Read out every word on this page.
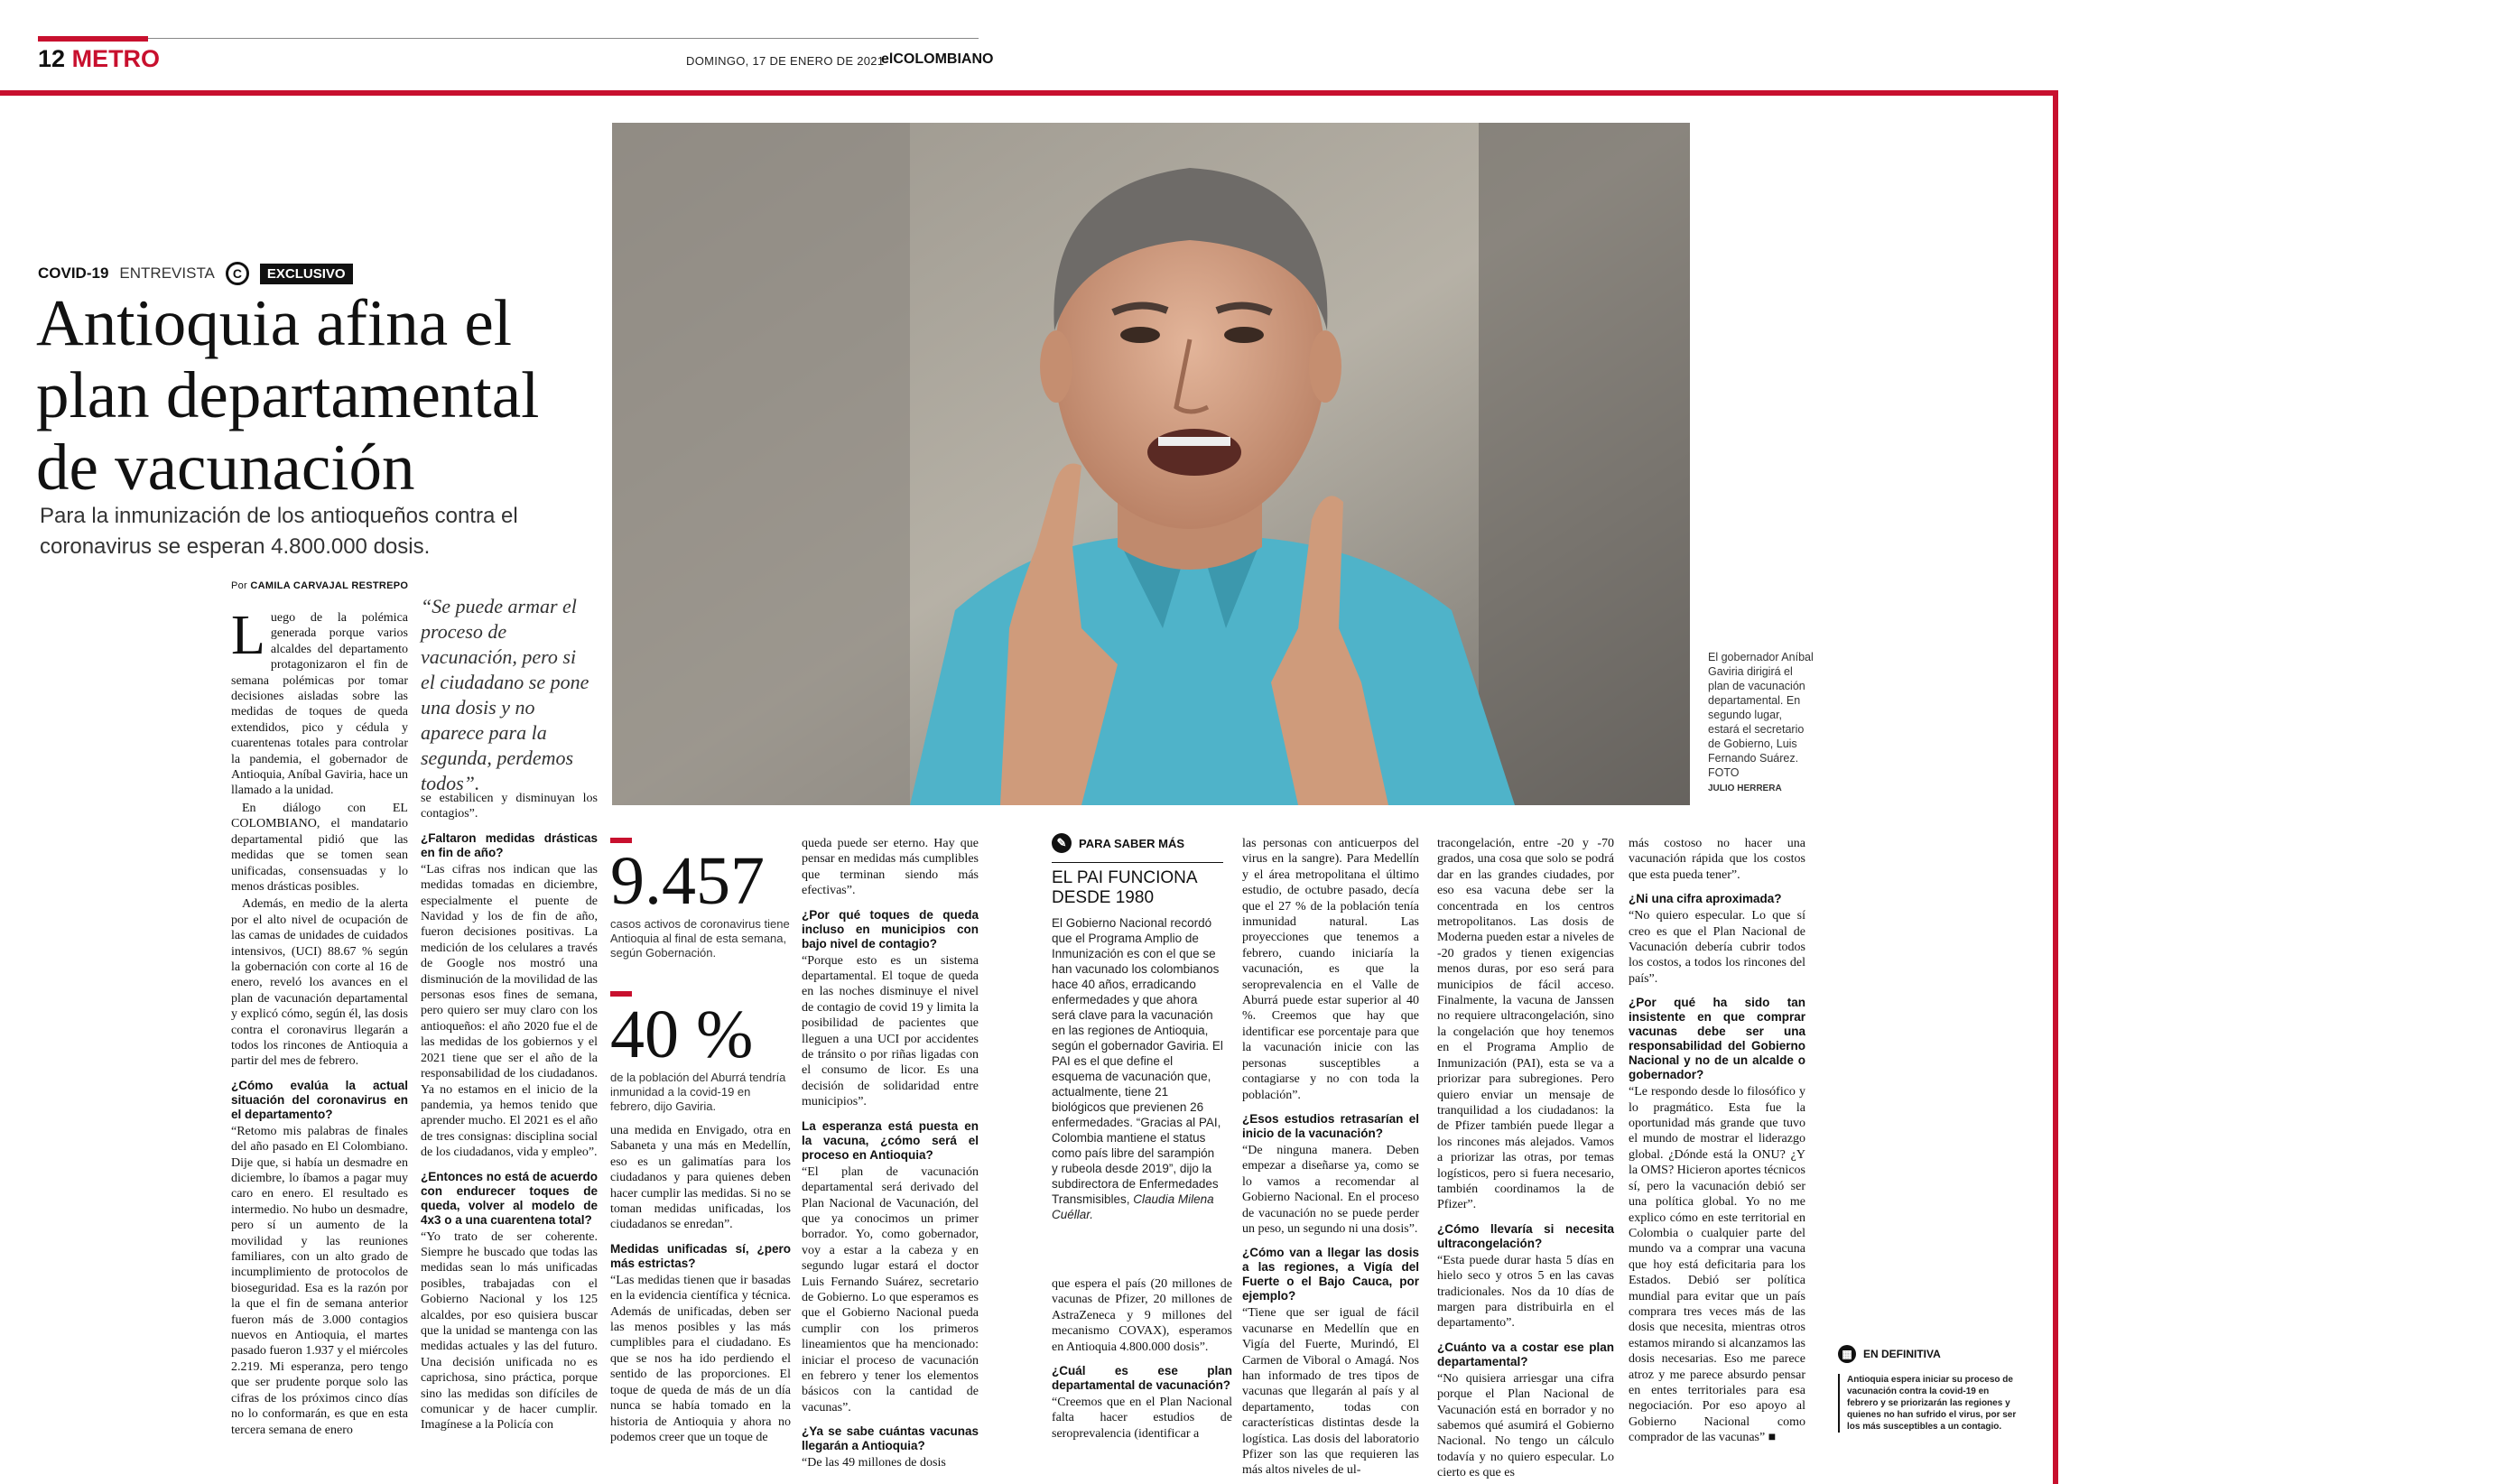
12 METRO	DOMINGO, 17 DE ENERO DE 2021
elCOLOMBIANO
COVID-19 ENTREVISTA	C	EXCLUSIVO
Antioquia afina el plan departamental de vacunación
Para la inmunización de los antioqueños contra el coronavirus se esperan 4.800.000 dosis.
El gobernador Aníbal Gaviria dirigirá el plan de vacunación departamental. En segundo lugar, estará el secretario de Gobierno, Luis Fernando Suárez. FOTO
JULIO HERRERA
Por CAMILA CARVAJAL RESTREPO

Luego de la polémica generada porque varios alcaldes del departamento protagonizaron el fin de semana polémicas por tomar decisiones aisladas sobre las medidas de toques de queda extendidos, pico y cédula y cuarentenas totales para controlar la pandemia, el gobernador de Antioquia, Aníbal Gaviria, hace un llamado a la unidad.

En diálogo con EL COLOMBIANO, el mandatario departamental pidió que las medidas que se tomen sean unificadas, consensuadas y lo menos drásticas posibles.

Además, en medio de la alerta por el alto nivel de ocupación de las camas de unidades de cuidados intensivos, (UCI) 88.67 % según la gobernación con corte al 16 de enero, reveló los avances en el plan de vacunación departamental y explicó cómo, según él, las dosis contra el coronavirus llegarán a todos los rincones de Antioquia a partir del mes de febrero.

¿Cómo evalúa la actual situación del coronavirus en el departamento?

“Retomo mis palabras de finales del año pasado en El Colombiano. Dije que, si había un desmadre en diciembre, lo íbamos a pagar muy caro en enero. El resultado es intermedio. No hubo un desmadre, pero sí un aumento de la movilidad y las reuniones familiares, con un alto grado de incumplimiento de protocolos de bioseguridad. Esa es la razón por la que el fin de semana anterior fueron más de 3.000 contagios nuevos en Antioquia, el martes pasado fueron 1.937 y el miércoles 2.219. Mi esperanza, pero tengo que ser prudente porque solo las cifras de los próximos cinco días no lo conformarán, es que en esta tercera semana de enero

“Se puede armar el proceso de vacunación, pero si el ciudadano se pone una dosis y no aparece para la segunda, perdemos todos”.

se estabilicen y disminuyan los contagios”.

¿Faltaron medidas drásticas en fin de año?

“Las cifras nos indican que las medidas tomadas en diciembre, especialmente el puente de Navidad y los de fin de año, fueron decisiones positivas. La medición de los celulares a través de Google nos mostró una disminución de la movilidad de las personas esos fines de semana, pero quiero ser muy claro con los antioqueños: el año 2020 fue el de las medidas de los gobiernos y el 2021 tiene que ser el año de la responsabilidad de los ciudadanos. Ya no estamos en el inicio de la pandemia, ya hemos tenido que aprender mucho. El 2021 es el año de tres consignas: disciplina social de los ciudadanos, vida y empleo”.

¿Entonces no está de acuerdo con endurecer toques de queda, volver al modelo de 4x3 o a una cuarentena total?

“Yo trato de ser coherente. Siempre he buscado que todas las medidas sean lo más unificadas posibles, trabajadas con el Gobierno Nacional y los 125 alcaldes, por eso quisiera buscar que la unidad se mantenga con las medidas actuales y las del futuro. Una decisión unificada no es caprichosa, sino práctica, porque sino las medidas son difíciles de comunicar y de hacer cumplir. Imagínese a la Policía con

9.457
casos activos de coronavirus tiene Antioquia al final de esta semana, según Gobernación.
40 %
de la población del Aburrá tendría inmunidad a la covid-19 en febrero, dijo Gaviria.

una medida en Envigado, otra en Sabaneta y una más en Medellín, eso es un galimatías para los ciudadanos y para quienes deben hacer cumplir las medidas. Si no se toman medidas unificadas, los ciudadanos se enredan”.

Medidas unificadas sí, ¿pero más estrictas?

“Las medidas tienen que ir basadas en la evidencia científica y técnica. Además de unificadas, deben ser las menos posibles y las más cumplibles para el ciudadano. Es que se nos ha ido perdiendo el sentido de las proporciones. El toque de queda de más de un día nunca se había tomado en la historia de Antioquia y ahora no podemos creer que un toque de

queda puede ser eterno. Hay que pensar en medidas más cumplibles que terminan siendo más efectivas”.

¿Por qué toques de queda incluso en municipios con bajo nivel de contagio?

“Porque esto es un sistema departamental. El toque de queda en las noches disminuye el nivel de contagio de covid 19 y limita la posibilidad de pacientes que lleguen a una UCI por accidentes de tránsito o por riñas ligadas con el consumo de licor. Es una decisión de solidaridad entre municipios”.

La esperanza está puesta en la vacuna, ¿cómo será el proceso en Antioquia?

“El plan de vacunación departamental será derivado del Plan Nacional de Vacunación, del que ya conocimos un primer borrador. Yo, como gobernador, voy a estar a la cabeza y en segundo lugar estará el doctor Luis Fernando Suárez, secretario de Gobierno. Lo que esperamos es que el Gobierno Nacional pueda cumplir con los primeros lineamientos que ha mencionado: iniciar el proceso de vacunación en febrero y tener los elementos básicos con la cantidad de vacunas”.

¿Ya se sabe cuántas vacunas llegarán a Antioquia?

“De las 49 millones de dosis

que espera el país (20 millones de vacunas de Pfizer, 20 millones de AstraZeneca y 9 millones del mecanismo COVAX), esperamos en Antioquia 4.800.000 dosis”.

¿Cuál es ese plan departamental de vacunación?

“Creemos que en el Plan Nacional falta hacer estudios de seroprevalencia (identificar a

✎	PARA SABER MÁS
EL PAI FUNCIONA DESDE 1980
El Gobierno Nacional recordó que el Programa Amplio de Inmunización es con el que se han vacunado los colombianos hace 40 años, erradicando enfermedades y que ahora será clave para la vacunación en las regiones de Antioquia, según el gobernador Gaviria. El PAI es el que define el esquema de vacunación que, actualmente, tiene 21 biológicos que previenen 26 enfermedades. “Gracias al PAI, Colombia mantiene el status como país libre del sarampión y rubeola desde 2019”, dijo la subdirectora de Enfermedades Transmisibles, Claudia Milena Cuéllar.

las personas con anticuerpos del virus en la sangre). Para Medellín y el área metropolitana el último estudio, de octubre pasado, decía que el 27 % de la población tenía inmunidad natural. Las proyecciones que tenemos a febrero, cuando iniciaría la vacunación, es que la seroprevalencia en el Valle de Aburrá puede estar superior al 40 %. Creemos que hay que identificar ese porcentaje para que la vacunación inicie con las personas susceptibles a contagiarse y no con toda la población”.

¿Esos estudios retrasarían el inicio de la vacunación?

“De ninguna manera. Deben empezar a diseñarse ya, como se lo vamos a recomendar al Gobierno Nacional. En el proceso de vacunación no se puede perder un peso, un segundo ni una dosis”.

¿Cómo van a llegar las dosis a las regiones, a Vigía del Fuerte o el Bajo Cauca, por ejemplo?

“Tiene que ser igual de fácil vacunarse en Medellín que en Vigía del Fuerte, Murindó, El Carmen de Viboral o Amagá. Nos han informado de tres tipos de vacunas que llegarán al país y al departamento, todas con características distintas desde la logística. Las dosis del laboratorio Pfizer son las que requieren las más altos niveles de ul-

tracongelación, entre -20 y -70 grados, una cosa que solo se podrá dar en las grandes ciudades, por eso esa vacuna debe ser la concentrada en los centros metropolitanos. Las dosis de Moderna pueden estar a niveles de -20 grados y tienen exigencias menos duras, por eso será para municipios de fácil acceso. Finalmente, la vacuna de Janssen no requiere ultracongelación, sino la congelación que hoy tenemos en el Programa Amplio de Inmunización (PAI), esta se va a priorizar para subregiones. Pero quiero enviar un mensaje de tranquilidad a los ciudadanos: la de Pfizer también puede llegar a los rincones más alejados. Vamos a priorizar las otras, por temas logísticos, pero si fuera necesario, también coordinamos la de Pfizer”.

¿Cómo llevaría si necesita ultracongelación?

“Esta puede durar hasta 5 días en hielo seco y otros 5 en las cavas tradicionales. Nos da 10 días de margen para distribuirla en el departamento”.

¿Cuánto va a costar ese plan departamental?

“No quisiera arriesgar una cifra porque el Plan Nacional de Vacunación está en borrador y no sabemos qué asumirá el Gobierno Nacional. No tengo un cálculo todavía y no quiero especular. Lo cierto es que es

más costoso no hacer una vacunación rápida que los costos que esta pueda tener”.

¿Ni una cifra aproximada?

“No quiero especular. Lo que sí creo es que el Plan Nacional de Vacunación debería cubrir todos los costos, a todos los rincones del país”.

¿Por qué ha sido tan insistente en que comprar vacunas debe ser una responsabilidad del Gobierno Nacional y no de un alcalde o gobernador?

“Le respondo desde lo filosófico y lo pragmático. Esta fue la oportunidad más grande que tuvo el mundo de mostrar el liderazgo global. ¿Dónde está la ONU? ¿Y la OMS? Hicieron aportes técnicos sí, pero la vacunación debió ser una política global. Yo no me explico cómo en este territorial en Colombia o cualquier parte del mundo va a comprar una vacuna que hoy está deficitaria para los Estados. Debió ser política mundial para evitar que un país comprara tres veces más de las dosis que necesita, mientras otros estamos mirando si alcanzamos las dosis necesarias. Eso me parece atroz y me parece absurdo pensar en entes territoriales para esa negociación. Por eso apoyo al Gobierno Nacional como comprador de las vacunas” ■

▦	EN DEFINITIVA
Antioquia espera iniciar su proceso de vacunación contra la covid-19 en febrero y se priorizarán las regiones y quienes no han sufrido el virus, por ser los más susceptibles a un contagio.
